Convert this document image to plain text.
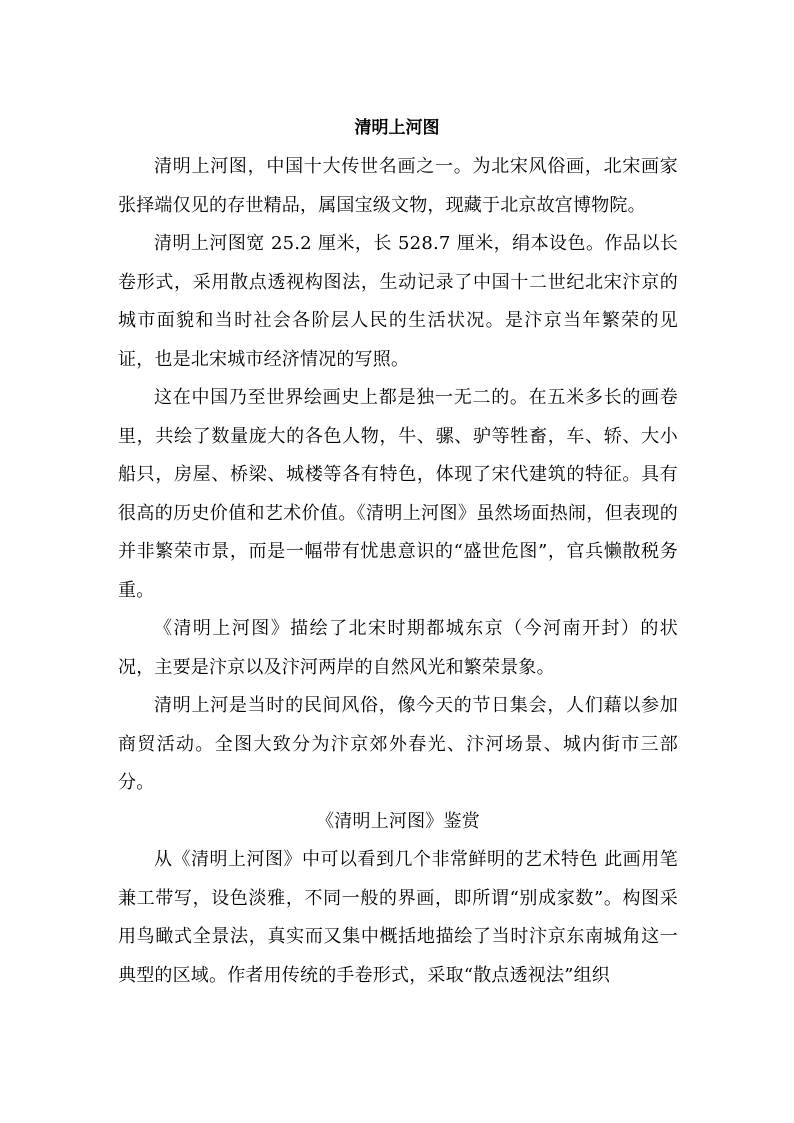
清明上河图

清明上河图，中国十大传世名画之一。为北宋风俗画，北宋画家张择端仅见的存世精品，属国宝级文物，现藏于北京故宫博物院。

清明上河图宽 25.2 厘米，长 528.7 厘米，绢本设色。作品以长卷形式，采用散点透视构图法，生动记录了中国十二世纪北宋汴京的城市面貌和当时社会各阶层人民的生活状况。是汴京当年繁荣的见证，也是北宋城市经济情况的写照。

这在中国乃至世界绘画史上都是独一无二的。在五米多长的画卷里，共绘了数量庞大的各色人物，牛、骡、驴等牲畜，车、轿、大小船只，房屋、桥梁、城楼等各有特色，体现了宋代建筑的特征。具有很高的历史价值和艺术价值。《清明上河图》虽然场面热闹，但表现的并非繁荣市景，而是一幅带有忧患意识的“盛世危图”，官兵懒散税务重。

《清明上河图》描绘了北宋时期都城东京（今河南开封）的状况，主要是汴京以及汴河两岸的自然风光和繁荣景象。

清明上河是当时的民间风俗，像今天的节日集会，人们藉以参加商贸活动。全图大致分为汴京郊外春光、汴河场景、城内街市三部分。

《清明上河图》鉴赏

从《清明上河图》中可以看到几个非常鲜明的艺术特色 此画用笔兼工带写，设色淡雅，不同一般的界画，即所谓“别成家数”。构图采用鸟瞰式全景法，真实而又集中概括地描绘了当时汴京东南城角这一典型的区域。作者用传统的手卷形式，采取“散点透视法”组织
